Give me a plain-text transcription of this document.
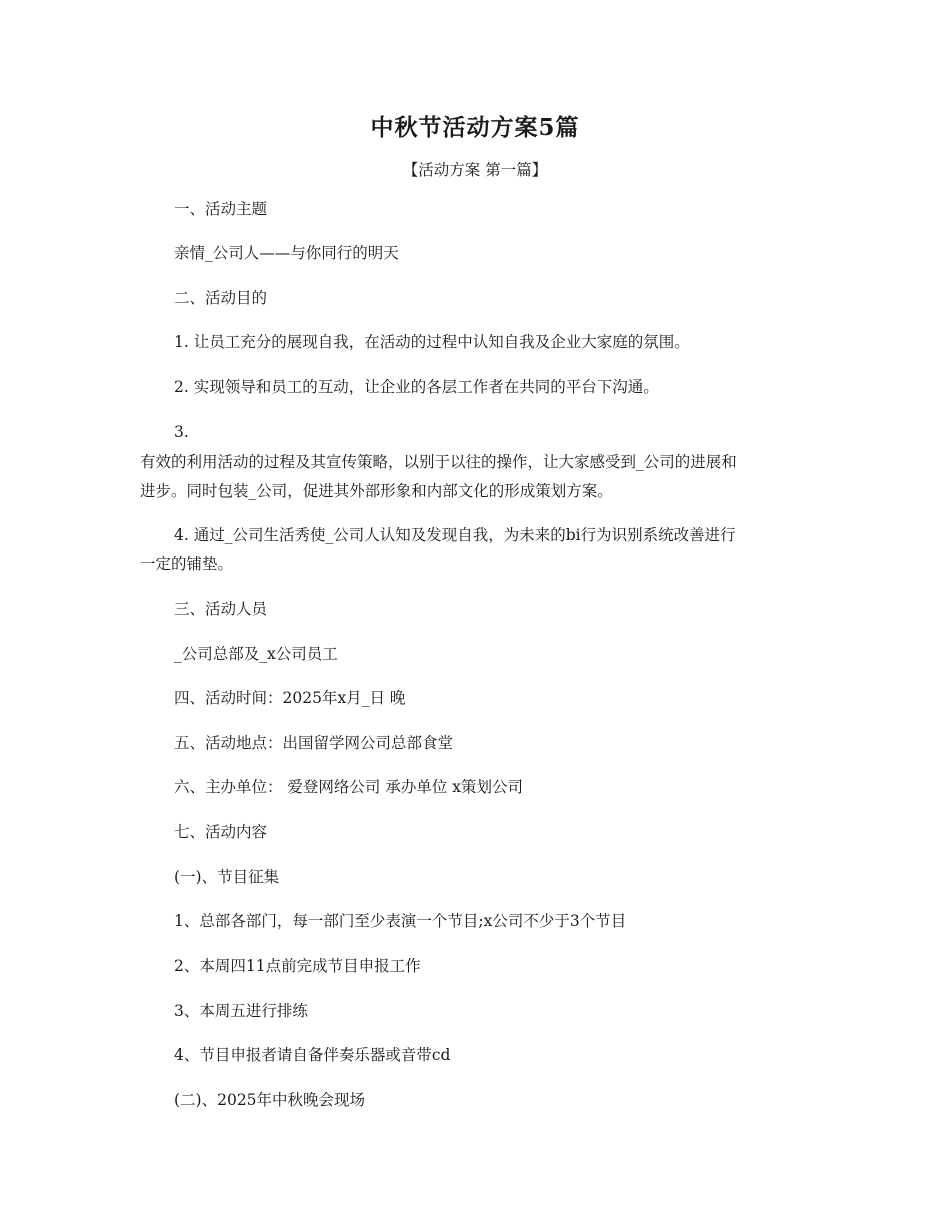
中秋节活动方案5篇
【活动方案 第一篇】
一、活动主题
亲情_公司人——与你同行的明天
二、活动目的
1. 让员工充分的展现自我，在活动的过程中认知自我及企业大家庭的氛围。
2. 实现领导和员工的互动，让企业的各层工作者在共同的平台下沟通。
3.
有效的利用活动的过程及其宣传策略，以别于以往的操作，让大家感受到_公司的进展和
进步。同时包装_公司，促进其外部形象和内部文化的形成策划方案。
4. 通过_公司生活秀使_公司人认知及发现自我，为未来的bi行为识别系统改善进行
一定的铺垫。
三、活动人员
_公司总部及_x公司员工
四、活动时间：2025年x月_日 晚
五、活动地点：出国留学网公司总部食堂
六、主办单位： 爱登网络公司 承办单位 x策划公司
七、活动内容
(一)、节目征集
1、总部各部门，每一部门至少表演一个节目;x公司不少于3个节目
2、本周四11点前完成节目申报工作
3、本周五进行排练
4、节目申报者请自备伴奏乐器或音带cd
(二)、2025年中秋晚会现场
